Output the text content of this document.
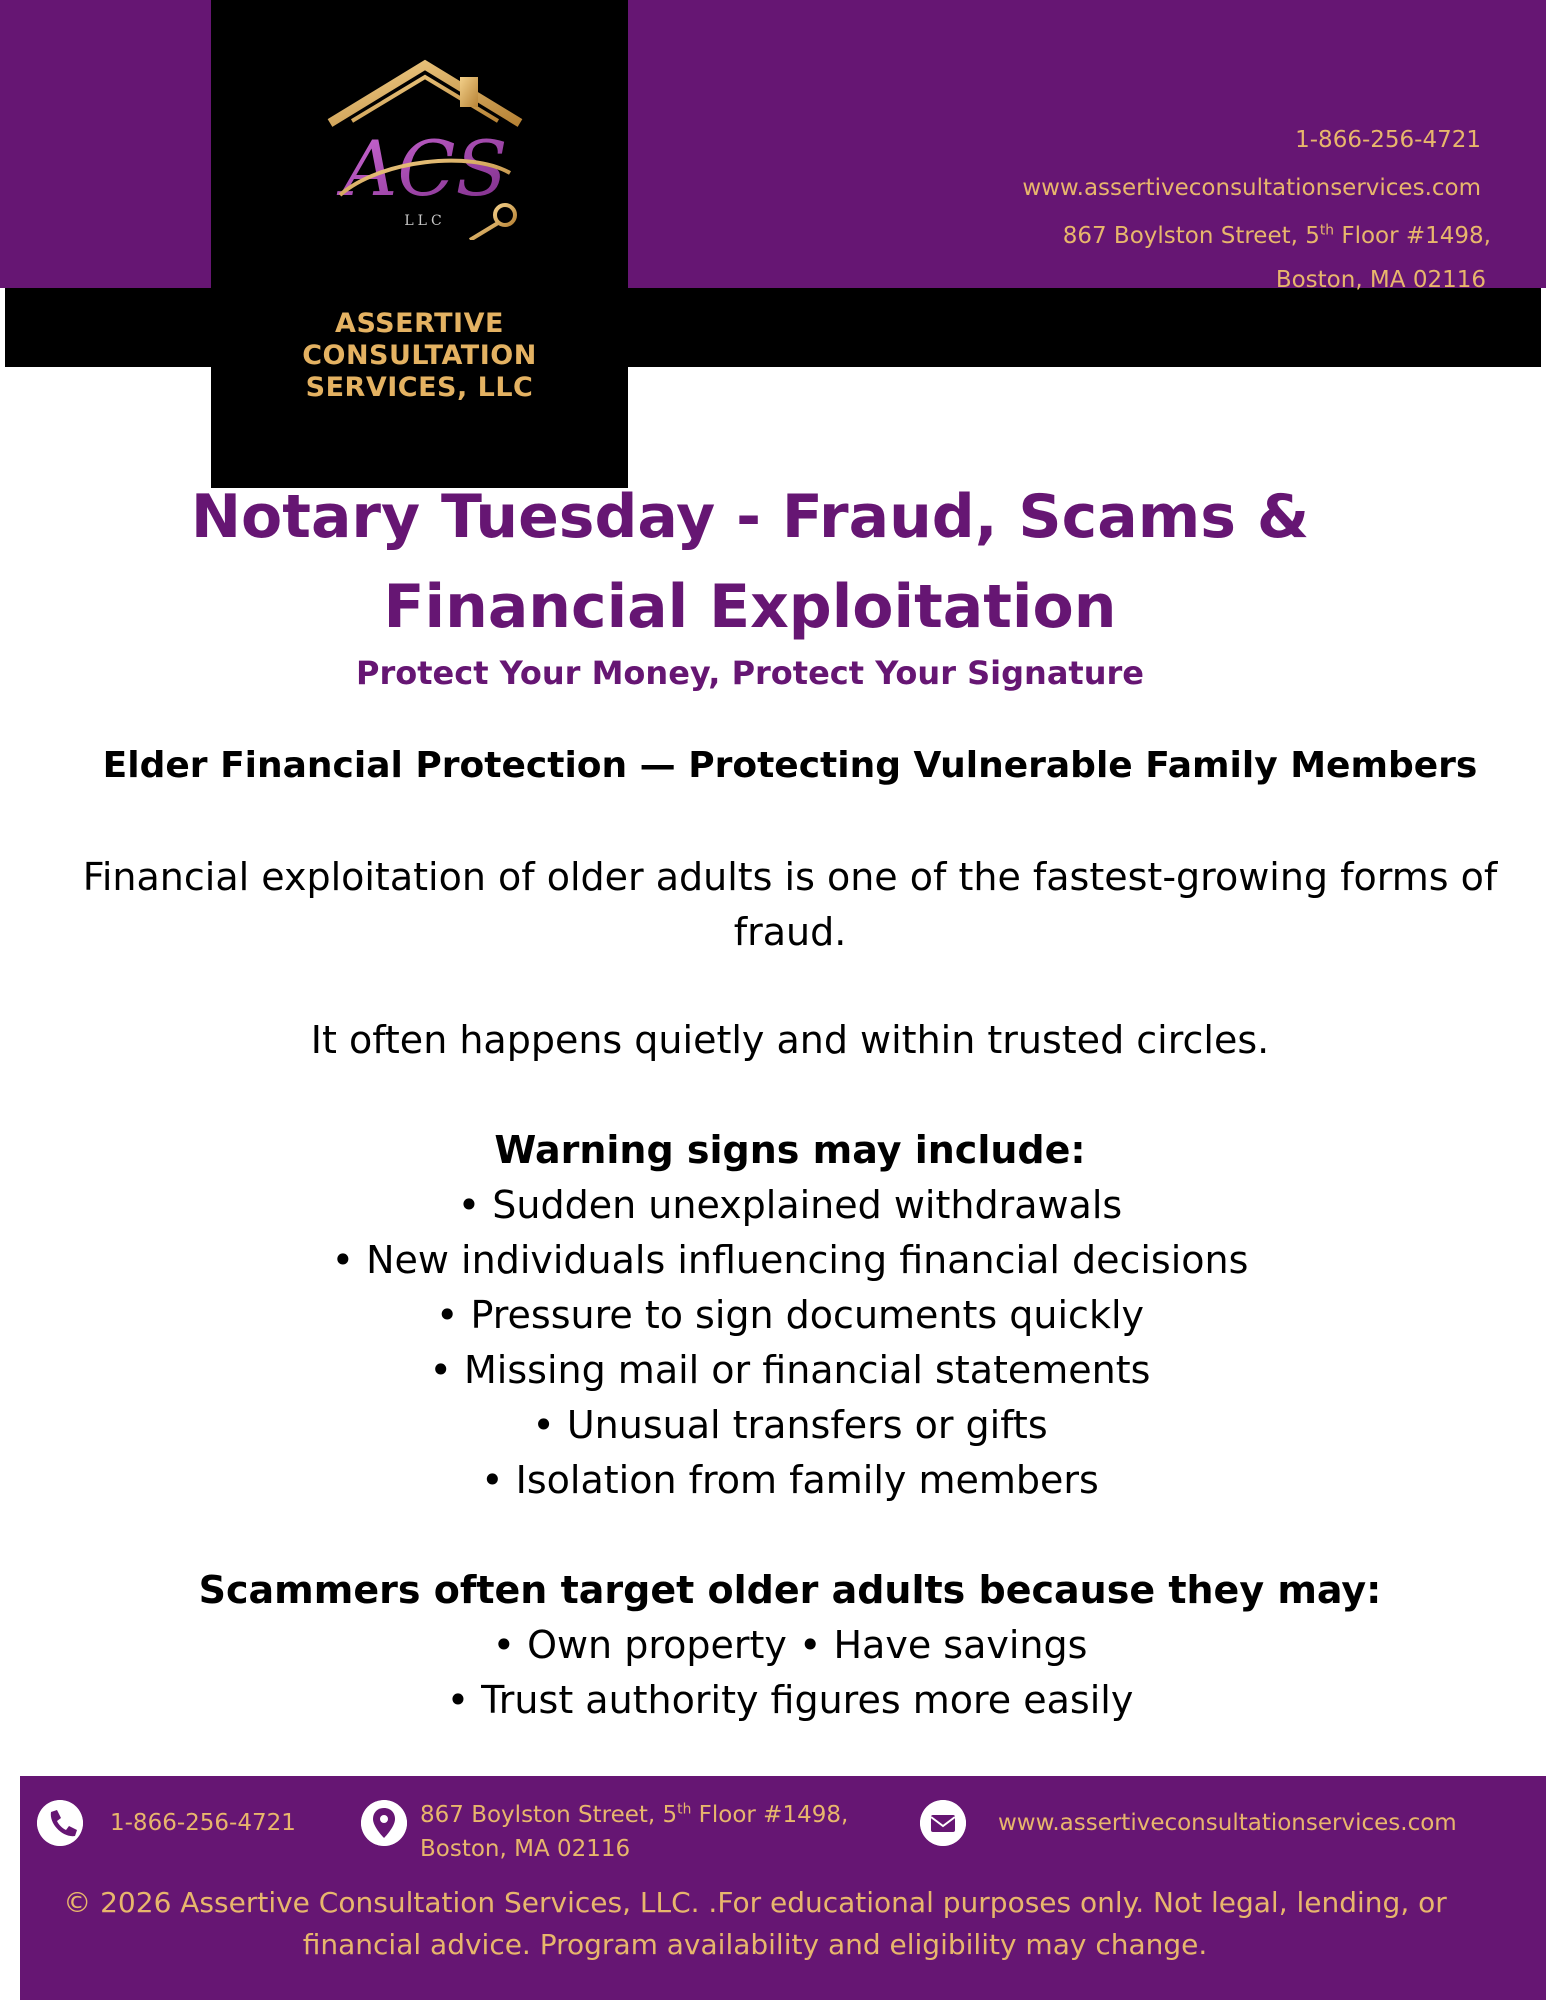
ACS
LLC
ASSERTIVE
CONSULTATION
SERVICES, LLC
1-866-256-4721
www.assertiveconsultationservices.com
867 Boylston Street, 5th Floor #1498,
Boston, MA 02116
Notary Tuesday - Fraud, Scams &
Financial Exploitation
Protect Your Money, Protect Your Signature
Elder Financial Protection — Protecting Vulnerable Family Members
Financial exploitation of older adults is one of the fastest-growing forms of fraud.
It often happens quietly and within trusted circles.
Warning signs may include:
• Sudden unexplained withdrawals
• New individuals influencing financial decisions
• Pressure to sign documents quickly
• Missing mail or financial statements
• Unusual transfers or gifts
• Isolation from family members
Scammers often target older adults because they may:
• Own property • Have savings
• Trust authority figures more easily
1-866-256-4721	867 Boylston Street, 5th Floor #1498,
Boston, MA 02116
www.assertiveconsultationservices.com
© 2026 Assertive Consultation Services, LLC. .For educational purposes only. Not legal, lending, or financial advice. Program availability and eligibility may change.
